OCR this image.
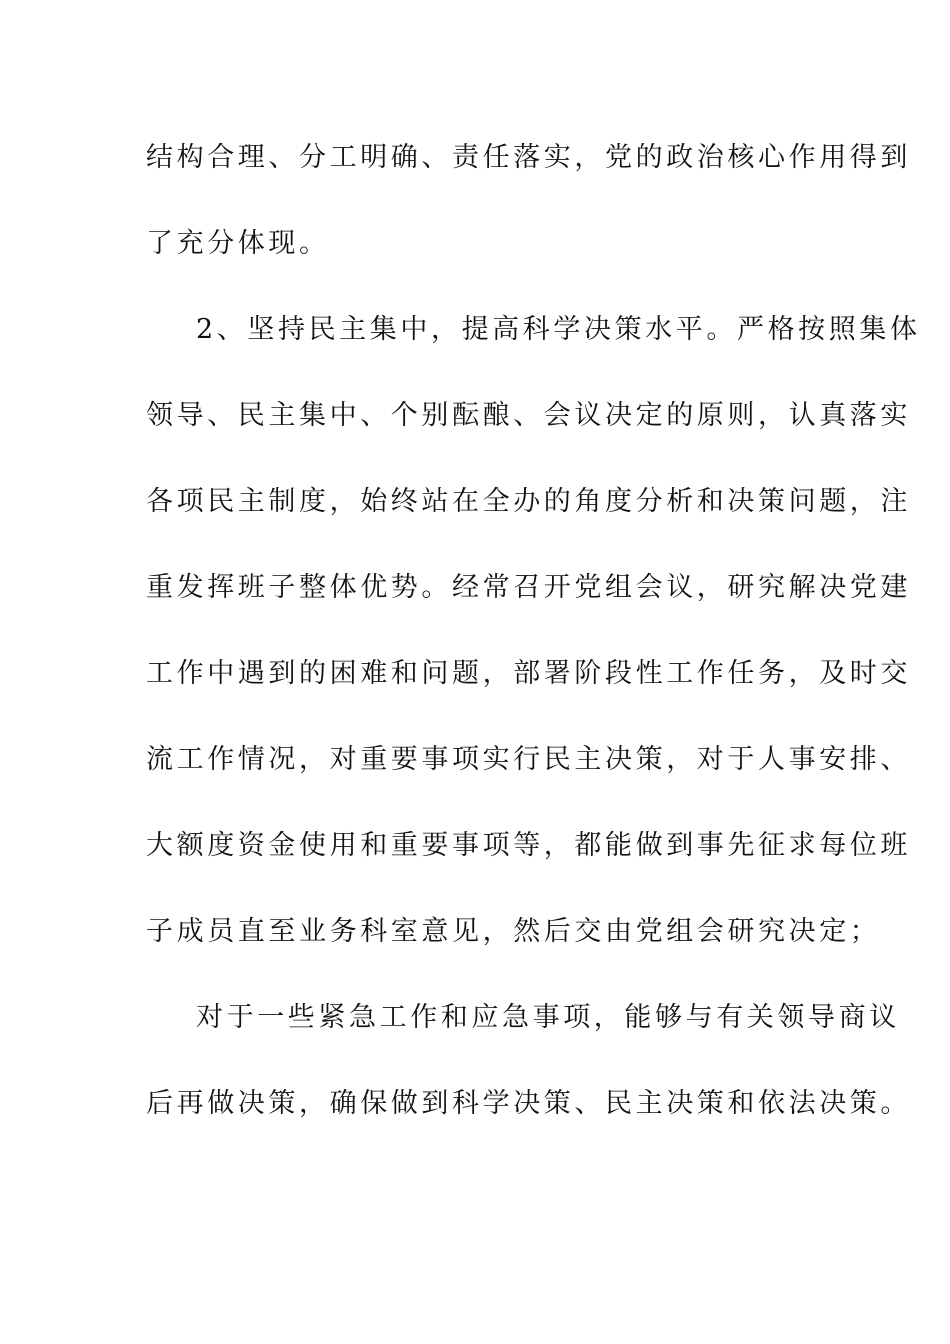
结构合理、分工明确、责任落实，党的政治核心作用得到
了充分体现。
2、坚持民主集中，提高科学决策水平。严格按照集体
领导、民主集中、个别酝酿、会议决定的原则，认真落实
各项民主制度，始终站在全办的角度分析和决策问题，注
重发挥班子整体优势。经常召开党组会议，研究解决党建
工作中遇到的困难和问题，部署阶段性工作任务，及时交
流工作情况，对重要事项实行民主决策，对于人事安排、
大额度资金使用和重要事项等，都能做到事先征求每位班
子成员直至业务科室意见，然后交由党组会研究决定；
对于一些紧急工作和应急事项，能够与有关领导商议
后再做决策，确保做到科学决策、民主决策和依法决策。
